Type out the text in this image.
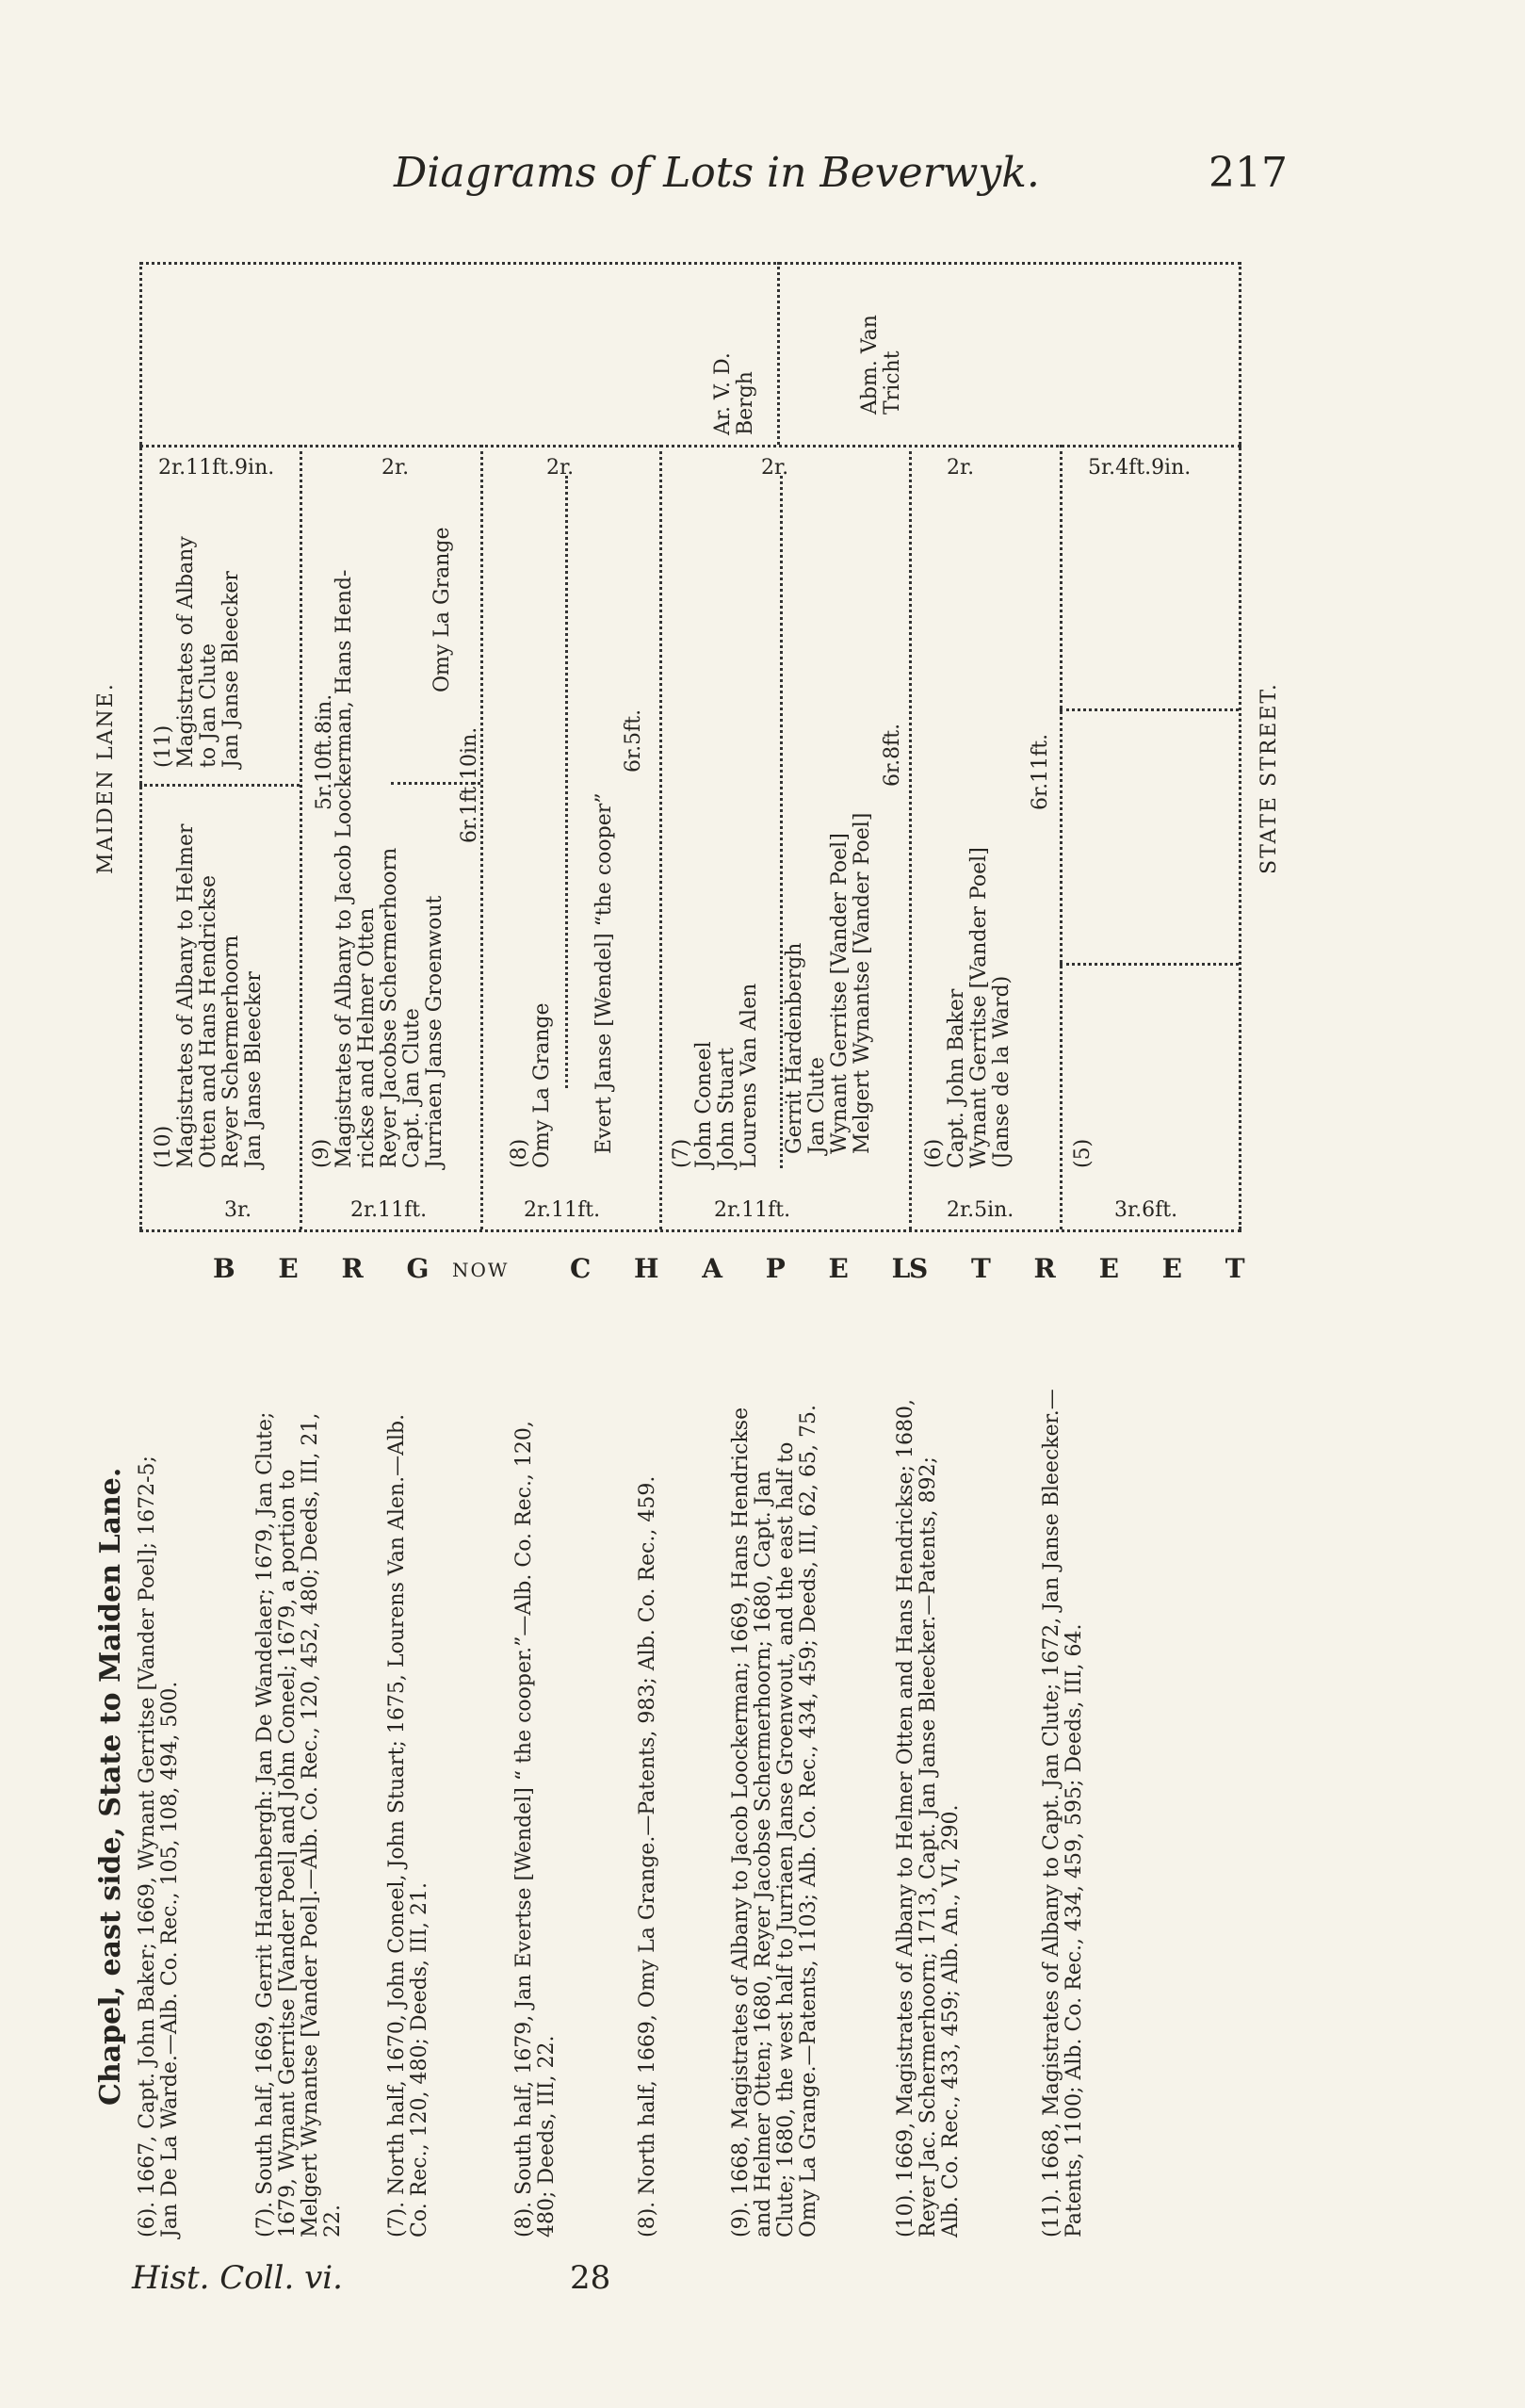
Diagrams of Lots in Beverwyk.	217
MAIDEN LANE.	STATE STREET.
B E R G NOW C H A P E L
S T R E E T
2r.11ft.9in.	2r.	2r.	2r.	2r.	5r.4ft.9in.
3r.	2r.11ft.	2r.11ft.	2r.11ft.	2r.5in.	3r.6ft.
Ar. V. D. Bergh	Abm. Van Tricht
(11) Magistrates of Albany to Jan Clute Jan Janse Bleecker
(10) Magistrates of Albany to Helmer Otten and Hans Hendrickse Reyer Schermerhoorn Jan Janse Bleecker (9) Magistrates of Albany to Jacob Loockerman, Hans Hend- rickse and Helmer Otten Reyer Jacobse Schermerhoorn Capt. Jan Clute Jurriaen Janse Groenwout
5r.10ft.8in.	6r.1ft.10in.
Omy La Grange
(8) Omy La Grange Evert Janse [Wendel] “the cooper”
6r.5ft.
(7) John Coneel John Stuart Lourens Van Alen Gerrit Hardenbergh Jan Clute Wynant Gerritse [Vander Poel] Melgert Wynantse [Vander Poel]
6r.8ft.
(6) Capt. John Baker Wynant Gerritse [Vander Poel] (Janse de la Ward)
6r.11ft.
(5)
Chapel, east side, State to Maiden Lane. (6). 1667, Capt. John Baker; 1669, Wynant Gerritse [Vander Poel]; 1672-5; Jan De La Warde.—Alb. Co. Rec., 105, 108, 494, 500.	(7). South half, 1669, Gerrit Hardenbergh: Jan De Wandelaer; 1679, Jan Clute; 1679, Wynant Gerritse [Vander Poel] and John Coneel; 1679, a portion to Melgert Wynantse [Vander Poel].—Alb. Co. Rec., 120, 452, 480; Deeds, III, 21, 22. (7). North half, 1670, John Coneel, John Stuart; 1675, Lourens Van Alen.—Alb. Co. Rec., 120, 480; Deeds, III, 21.	(8). South half, 1679, Jan Evertse [Wendel] “ the cooper.”—Alb. Co. Rec., 120, 480; Deeds, III, 22.	(8). North half, 1669, Omy La Grange.—Patents, 983; Alb. Co. Rec., 459.	(9). 1668, Magistrates of Albany to Jacob Loockerman; 1669, Hans Hendrickse and Helmer Otten; 1680, Reyer Jacobse Schermerhoorn; 1680, Capt. Jan Clute; 1680, the west half to Jurriaen Janse Groenwout, and the east half to Omy La Grange.—Patents, 1103; Alb. Co. Rec., 434, 459; Deeds, III, 62, 65, 75.	(10). 1669, Magistrates of Albany to Helmer Otten and Hans Hendrickse; 1680, Reyer Jac. Schermerhoorn; 1713, Capt. Jan Janse Bleecker.—Patents, 892; Alb. Co. Rec., 433, 459; Alb. An., VI, 290.	(11). 1668, Magistrates of Albany to Capt. Jan Clute; 1672, Jan Janse Bleecker.— Patents, 1100; Alb. Co. Rec., 434, 459, 595; Deeds, III, 64.
Hist. Coll. vi.	28
